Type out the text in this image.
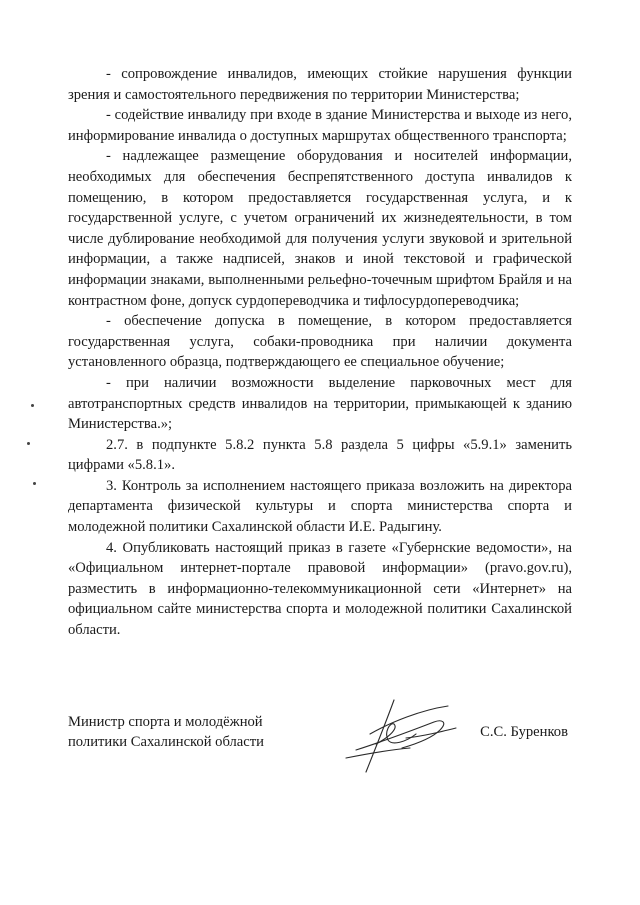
- сопровождение инвалидов, имеющих стойкие нарушения функции зрения и самостоятельного передвижения по территории Министерства;

- содействие инвалиду при входе в здание Министерства и выходе из него, информирование инвалида о доступных маршрутах общественного транспорта;

- надлежащее размещение оборудования и носителей информации, необходимых для обеспечения беспрепятственного доступа инвалидов к помещению, в котором предоставляется государственная услуга, и к государственной услуге, с учетом ограничений их жизнедеятельности, в том числе дублирование необходимой для получения услуги звуковой и зрительной информации, а также надписей, знаков и иной текстовой и графической информации знаками, выполненными рельефно-точечным шрифтом Брайля и на контрастном фоне, допуск сурдопереводчика и тифлосурдопереводчика;

- обеспечение допуска в помещение, в котором предоставляется государственная услуга, собаки-проводника при наличии документа установленного образца, подтверждающего ее специальное обучение;

- при наличии возможности выделение парковочных мест для автотранспортных средств инвалидов на территории, примыкающей к зданию Министерства.»;

2.7. в подпункте 5.8.2 пункта 5.8 раздела 5 цифры «5.9.1» заменить цифрами «5.8.1».

3. Контроль за исполнением настоящего приказа возложить на директора департамента физической культуры и спорта министерства спорта и молодежной политики Сахалинской области И.Е. Радыгину.

4. Опубликовать настоящий приказ в газете «Губернские ведомости», на «Официальном интернет-портале правовой информации» (pravo.gov.ru), разместить в информационно-телекоммуникационной сети «Интернет» на официальном сайте министерства спорта и молодежной политики Сахалинской области.

Министр спорта и молодёжной
политики Сахалинской области
С.С. Буренков
